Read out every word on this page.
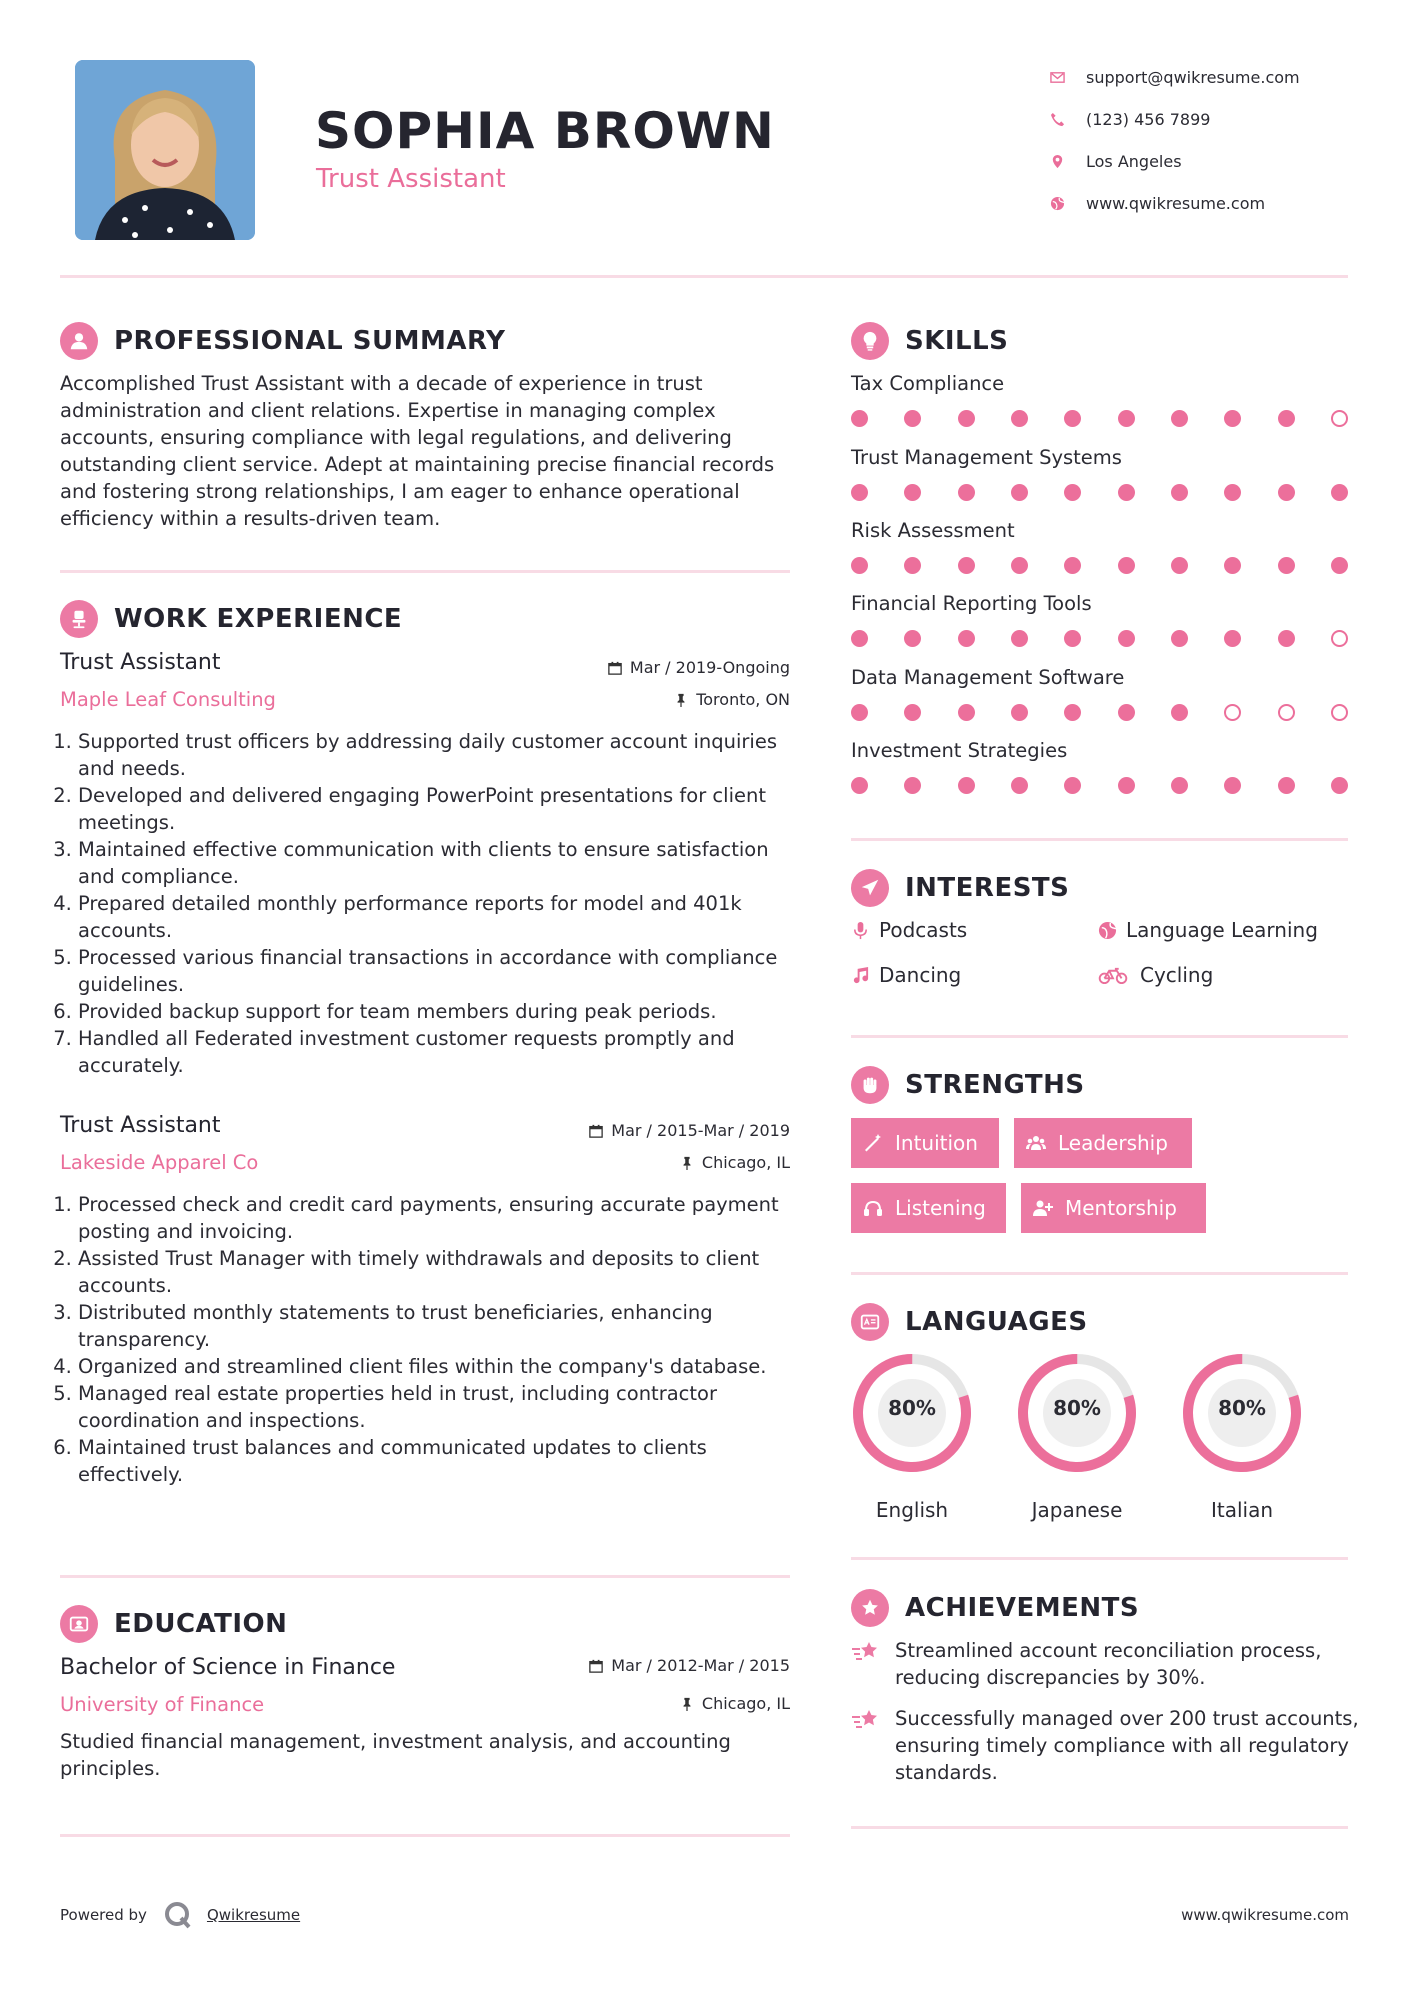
SOPHIA BROWN
Trust Assistant
support@qwikresume.com
(123) 456 7899
Los Angeles
www.qwikresume.com
PROFESSIONAL SUMMARY
Accomplished Trust Assistant with a decade of experience in trust administration and client relations. Expertise in managing complex accounts, ensuring compliance with legal regulations, and delivering outstanding client service. Adept at maintaining precise financial records and fostering strong relationships, I am eager to enhance operational efficiency within a results-driven team.
WORK EXPERIENCE
Trust Assistant	Mar / 2019-Ongoing
Maple Leaf Consulting	Toronto, ON
1. Supported trust officers by addressing daily customer account inquiries and needs.
2. Developed and delivered engaging PowerPoint presentations for client meetings.
3. Maintained effective communication with clients to ensure satisfaction and compliance.
4. Prepared detailed monthly performance reports for model and 401k accounts.
5. Processed various financial transactions in accordance with compliance guidelines.
6. Provided backup support for team members during peak periods.
7. Handled all Federated investment customer requests promptly and accurately.
Trust Assistant	Mar / 2015-Mar / 2019
Lakeside Apparel Co	Chicago, IL
1. Processed check and credit card payments, ensuring accurate payment posting and invoicing.
2. Assisted Trust Manager with timely withdrawals and deposits to client accounts.
3. Distributed monthly statements to trust beneficiaries, enhancing transparency.
4. Organized and streamlined client files within the company's database.
5. Managed real estate properties held in trust, including contractor coordination and inspections.
6. Maintained trust balances and communicated updates to clients effectively.
EDUCATION
Bachelor of Science in Finance	Mar / 2012-Mar / 2015
University of Finance	Chicago, IL
Studied financial management, investment analysis, and accounting principles.
SKILLS
Tax Compliance
Trust Management Systems
Risk Assessment
Financial Reporting Tools
Data Management Software
Investment Strategies
INTERESTS
Podcasts	Language Learning
Dancing	Cycling
STRENGTHS
Intuition	Leadership
Listening	Mentorship
LANGUAGES
80%
English
80%
Japanese
80%
Italian
ACHIEVEMENTS
Streamlined account reconciliation process, reducing discrepancies by 30%.
Successfully managed over 200 trust accounts, ensuring timely compliance with all regulatory standards.
Powered by	Qwikresume	www.qwikresume.com
